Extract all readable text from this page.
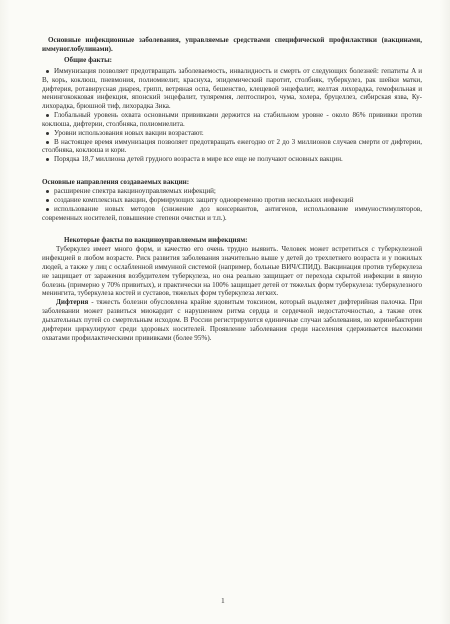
Основные инфекционные заболевания, управляемые средствами специфической профилактики (вакцинами, иммуноглобулинами).

Общие факты:

Иммунизация позволяет предотвращать заболеваемость, инвалидность и смерть от следующих болезней: гепатиты A и B, корь, коклюш, пневмония, полиомиелит, краснуха, эпидемический паротит, столбняк, туберкулез, рак шейки матки, дифтерия, ротавирусная диарея, грипп, ветряная оспа, бешенство, клещевой энцефалит, желтая лихорадка, гемофильная и менингококковая инфекция, японский энцефалит, туляремия, лептоспироз, чума, холера, бруцеллез, сибирская язва, Ку-лихорадка, брюшной тиф, лихорадка Зика.

Глобальный уровень охвата основными прививками держится на стабильном уровне - около 86% прививки против коклюша, дифтерии, столбняка, полиомиелита.

Уровни использования новых вакцин возрастают.

В настоящее время иммунизация позволяет предотвращать ежегодно от 2 до 3 миллионов случаев смерти от дифтерии, столбняка, коклюша и кори.

Порядка 18,7 миллиона детей грудного возраста в мире все еще не получают основных вакцин.

Основные направления создаваемых вакцин:

расширение спектра вакциноуправляемых инфекций;

создание комплексных вакцин, формирующих защиту одновременно против нескольких инфекций

использование новых методов (снижение доз консервантов, антигенов, использование иммуностимуляторов, современных носителей, повышение степени очистки и т.п.).

Некоторые факты по вакциноуправляемым инфекциям:

Туберкулез имеет много форм, и качество его очень трудно выявить. Человек может встретиться с туберкулезной инфекцией в любом возрасте. Риск развития заболевания значительно выше у детей до трехлетнего возраста и у пожилых людей, а также у лиц с ослабленной иммунной системой (например, больные ВИЧ/СПИД). Вакцинация против туберкулеза не защищает от заражения возбудителем туберкулеза, но она реально защищает от перехода скрытой инфекции в явную болезнь (примерно у 70% привитых), и практически на 100% защищает детей от тяжелых форм туберкулеза: туберкулезного менингита, туберкулеза костей и суставов, тяжелых форм туберкулеза легких.

Дифтерия - тяжесть болезни обусловлена крайне ядовитым токсином, который выделяет дифтерийная палочка. При заболевании может развиться миокардит с нарушением ритма сердца и сердечной недостаточностью, а также отек дыхательных путей со смертельным исходом. В России регистрируются единичные случаи заболевания, но коринебактерии дифтерии циркулируют среди здоровых носителей. Проявление заболевания среди населения сдерживается высокими охватами профилактическими прививками (более 95%).

1
